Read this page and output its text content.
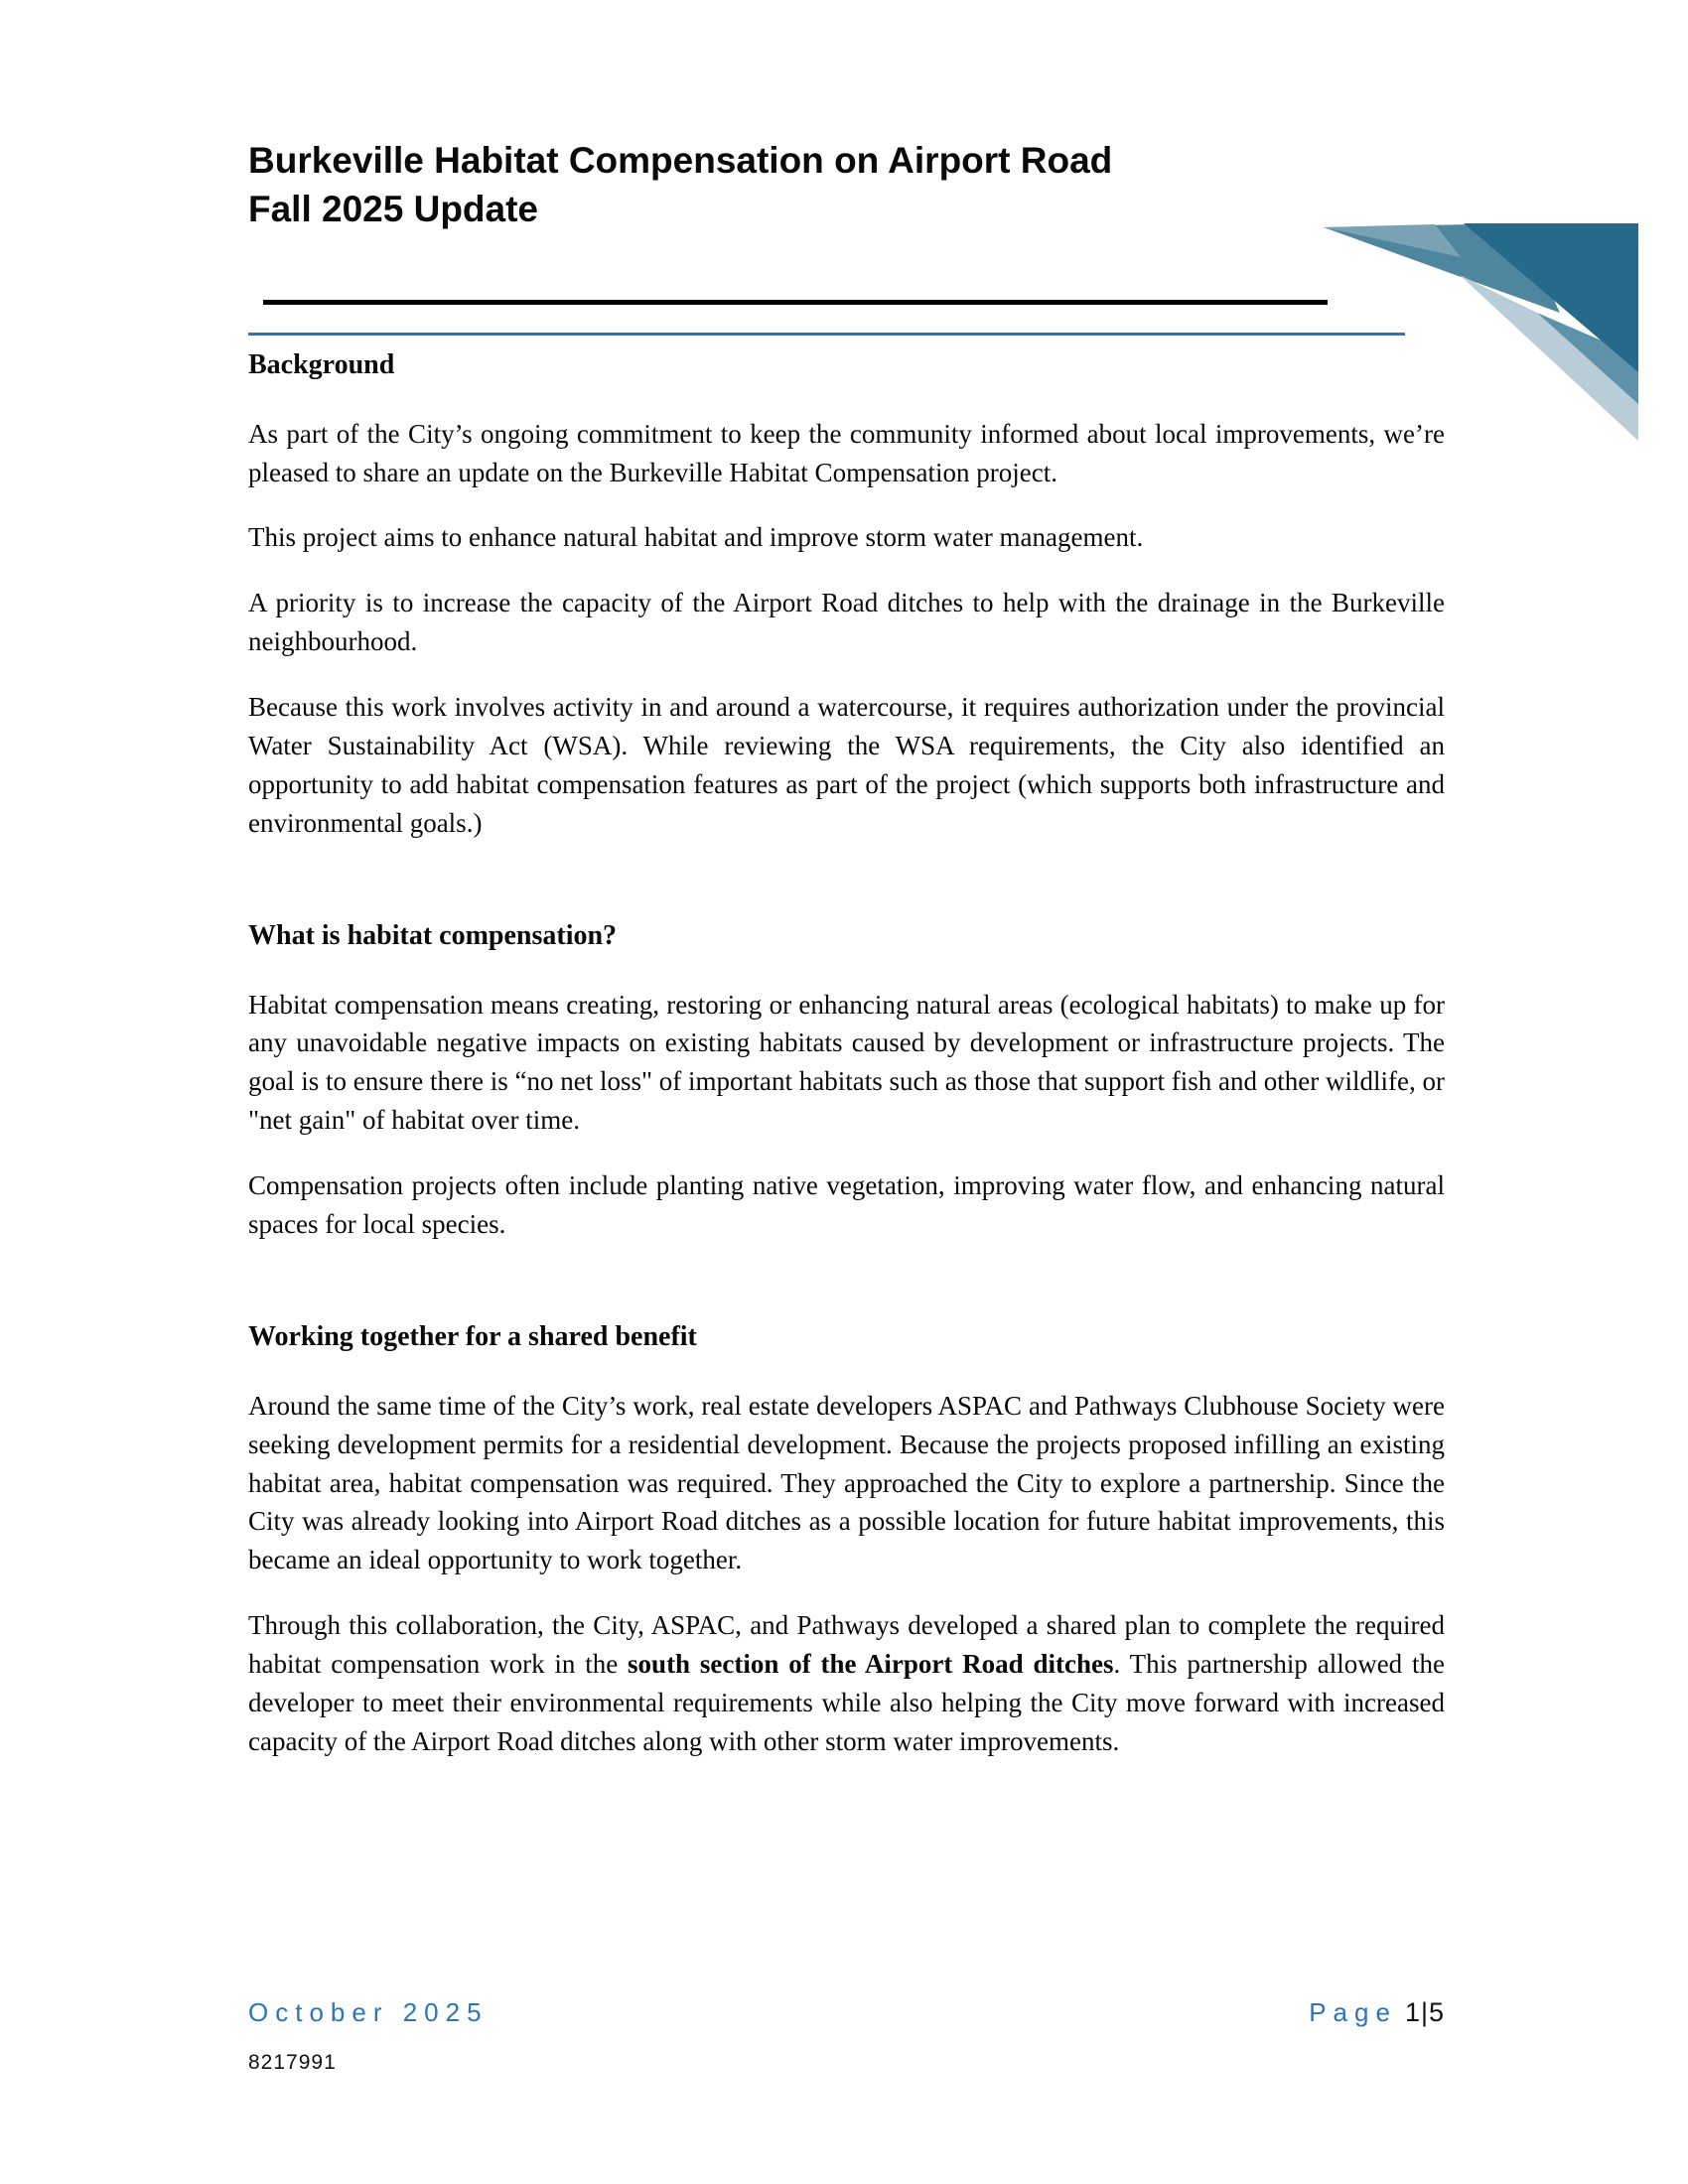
Burkeville Habitat Compensation on Airport Road
Fall 2025 Update
Background

As part of the City’s ongoing commitment to keep the community informed about local improvements, we’re pleased to share an update on the Burkeville Habitat Compensation project.

This project aims to enhance natural habitat and improve storm water management.

A priority is to increase the capacity of the Airport Road ditches to help with the drainage in the Burkeville neighbourhood.

Because this work involves activity in and around a watercourse, it requires authorization under the provincial Water Sustainability Act (WSA). While reviewing the WSA requirements, the City also identified an opportunity to add habitat compensation features as part of the project (which supports both infrastructure and environmental goals.)

What is habitat compensation?

Habitat compensation means creating, restoring or enhancing natural areas (ecological habitats) to make up for any unavoidable negative impacts on existing habitats caused by development or infrastructure projects. The goal is to ensure there is “no net loss" of important habitats such as those that support fish and other wildlife, or "net gain" of habitat over time.

Compensation projects often include planting native vegetation, improving water flow, and enhancing natural spaces for local species.

Working together for a shared benefit

Around the same time of the City’s work, real estate developers ASPAC and Pathways Clubhouse Society were seeking development permits for a residential development. Because the projects proposed infilling an existing habitat area, habitat compensation was required. They approached the City to explore a partnership. Since the City was already looking into Airport Road ditches as a possible location for future habitat improvements, this became an ideal opportunity to work together.

Through this collaboration, the City, ASPAC, and Pathways developed a shared plan to complete the required habitat compensation work in the south section of the Airport Road ditches. This partnership allowed the developer to meet their environmental requirements while also helping the City move forward with increased capacity of the Airport Road ditches along with other storm water improvements.

October 2025	Page 1|5
8217991
